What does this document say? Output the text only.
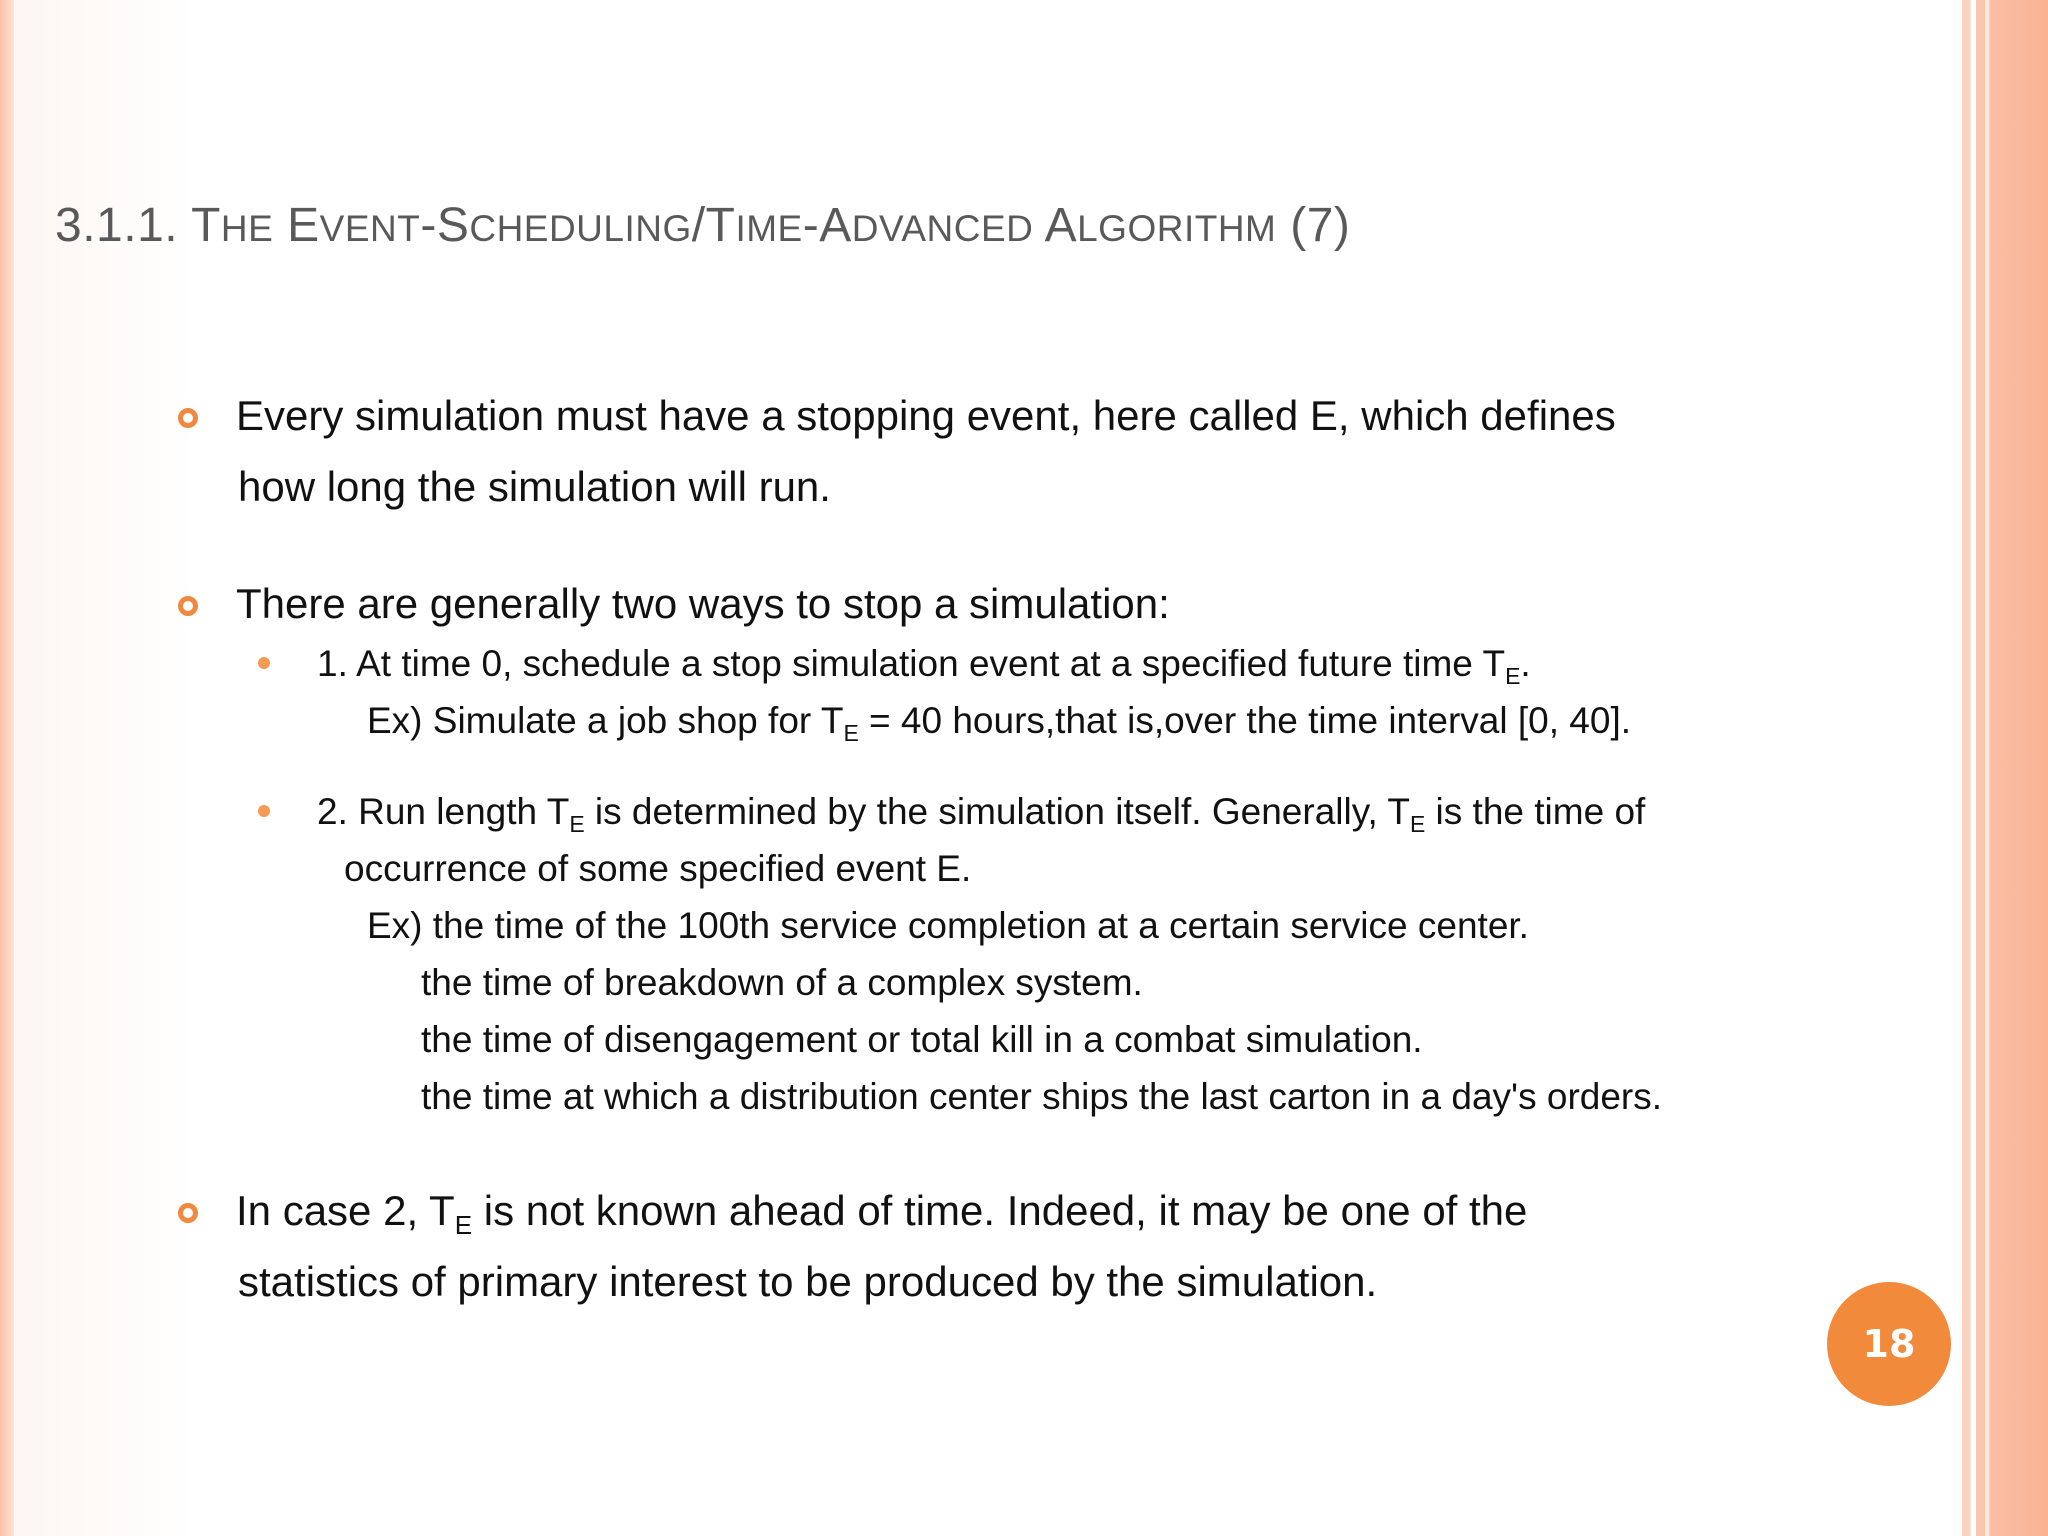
3.1.1. THE EVENT-SCHEDULING/TIME-ADVANCED ALGORITHM (7)
Every simulation must have a stopping event, here called E, which defines
how long the simulation will run.
There are generally two ways to stop a simulation:
1. At time 0, schedule a stop simulation event at a specified future time $T_E$.
Ex) Simulate a job shop for $T_E = 40$ hours,that is,over the time interval [0, 40].
2. Run length $T_E$ is determined by the simulation itself. Generally, $T_E$ is the time of
occurrence of some specified event E.
Ex) the time of the 100th service completion at a certain service center.
the time of breakdown of a complex system.
the time of disengagement or total kill in a combat simulation.
the time at which a distribution center ships the last carton in a day's orders.
In case 2, $T_E$ is not known ahead of time. Indeed, it may be one of the
statistics of primary interest to be produced by the simulation.
18
